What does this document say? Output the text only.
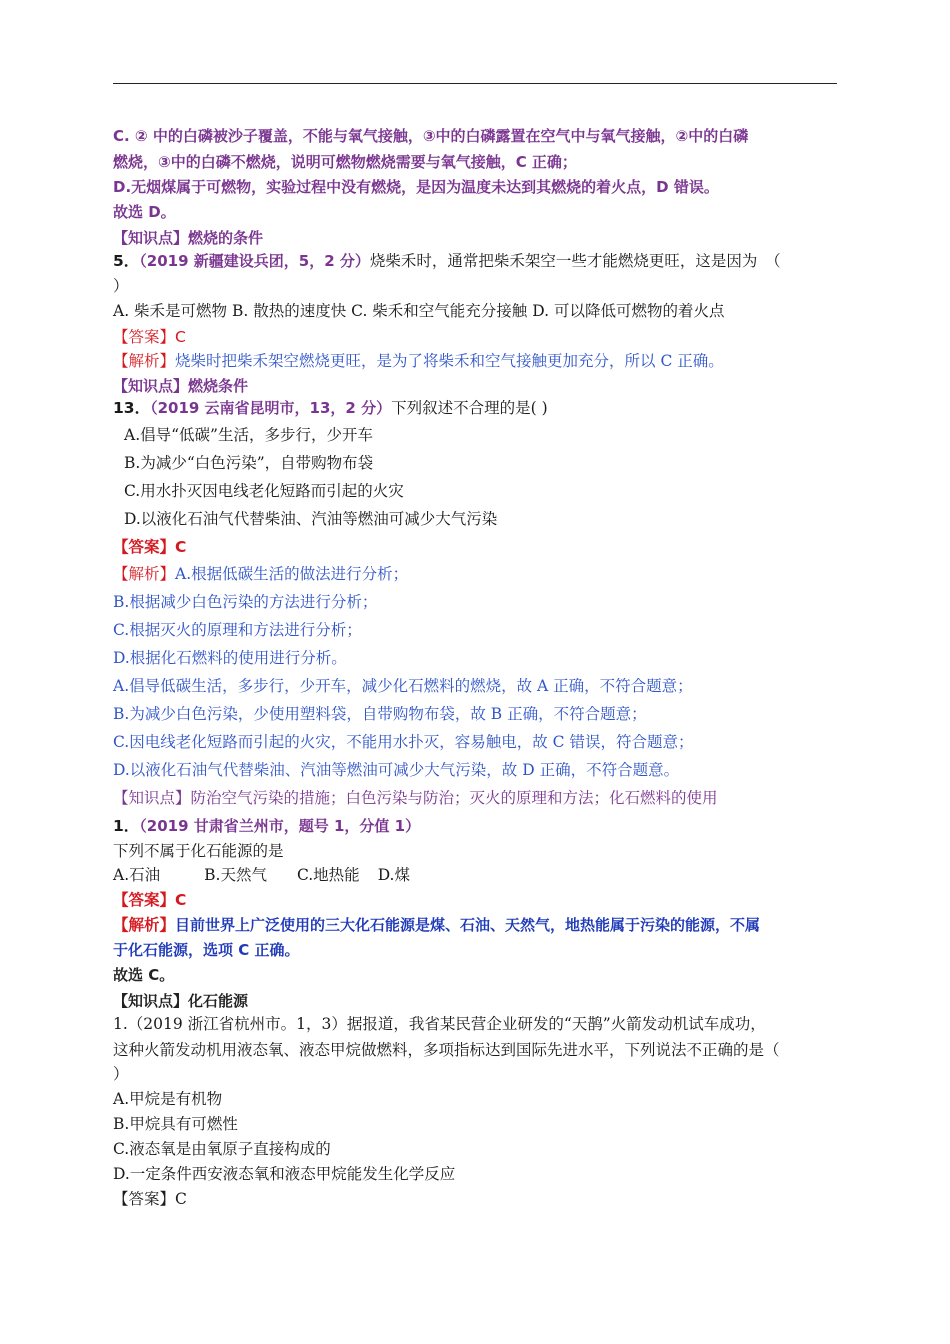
C. ② 中的白磷被沙子覆盖，不能与氧气接触，③中的白磷露置在空气中与氧气接触，②中的白磷
燃烧，③中的白磷不燃烧，说明可燃物燃烧需要与氧气接触，C 正确；
D.无烟煤属于可燃物，实验过程中没有燃烧，是因为温度未达到其燃烧的着火点，D 错误。
故选 D。
【知识点】燃烧的条件
5．（2019 新疆建设兵团，5，2 分）烧柴禾时，通常把柴禾架空一些才能燃烧更旺，这是因为　（
）
A. 柴禾是可燃物 B. 散热的速度快 C. 柴禾和空气能充分接触 D. 可以降低可燃物的着火点
【答案】C
【解析】烧柴时把柴禾架空燃烧更旺，是为了将柴禾和空气接触更加充分，所以 C 正确。
【知识点】燃烧条件
13．（2019 云南省昆明市，13，2 分）下列叙述不合理的是( )
A.倡导“低碳”生活，多步行，少开车
B.为减少“白色污染”，自带购物布袋
C.用水扑灭因电线老化短路而引起的火灾
D.以液化石油气代替柴油、汽油等燃油可减少大气污染
【答案】C
【解析】A.根据低碳生活的做法进行分析；
B.根据减少白色污染的方法进行分析；
C.根据灭火的原理和方法进行分析；
D.根据化石燃料的使用进行分析。
A.倡导低碳生活，多步行，少开车，减少化石燃料的燃烧，故 A 正确，不符合题意；
B.为减少白色污染，少使用塑料袋，自带购物布袋，故 B 正确，不符合题意；
C.因电线老化短路而引起的火灾，不能用水扑灭，容易触电，故 C 错误，符合题意；
D.以液化石油气代替柴油、汽油等燃油可减少大气污染，故 D 正确，不符合题意。
【知识点】防治空气污染的措施；白色污染与防治；灭火的原理和方法；化石燃料的使用
1．（2019 甘肃省兰州市，题号 1，分值 1）
下列不属于化石能源的是
A.石油	B.天然气 C.地热能 D.煤
【答案】C
【解析】目前世界上广泛使用的三大化石能源是煤、石油、天然气，地热能属于污染的能源，不属
于化石能源，选项 C 正确。
故选 C。
【知识点】化石能源
1.（2019 浙江省杭州市。1，3）据报道，我省某民营企业研发的“天鹊”火箭发动机试车成功，
这种火箭发动机用液态氧、液态甲烷做燃料，多项指标达到国际先进水平，下列说法不正确的是（
）
A.甲烷是有机物
B.甲烷具有可燃性
C.液态氧是由氧原子直接构成的
D.一定条件西安液态氧和液态甲烷能发生化学反应
【答案】C
